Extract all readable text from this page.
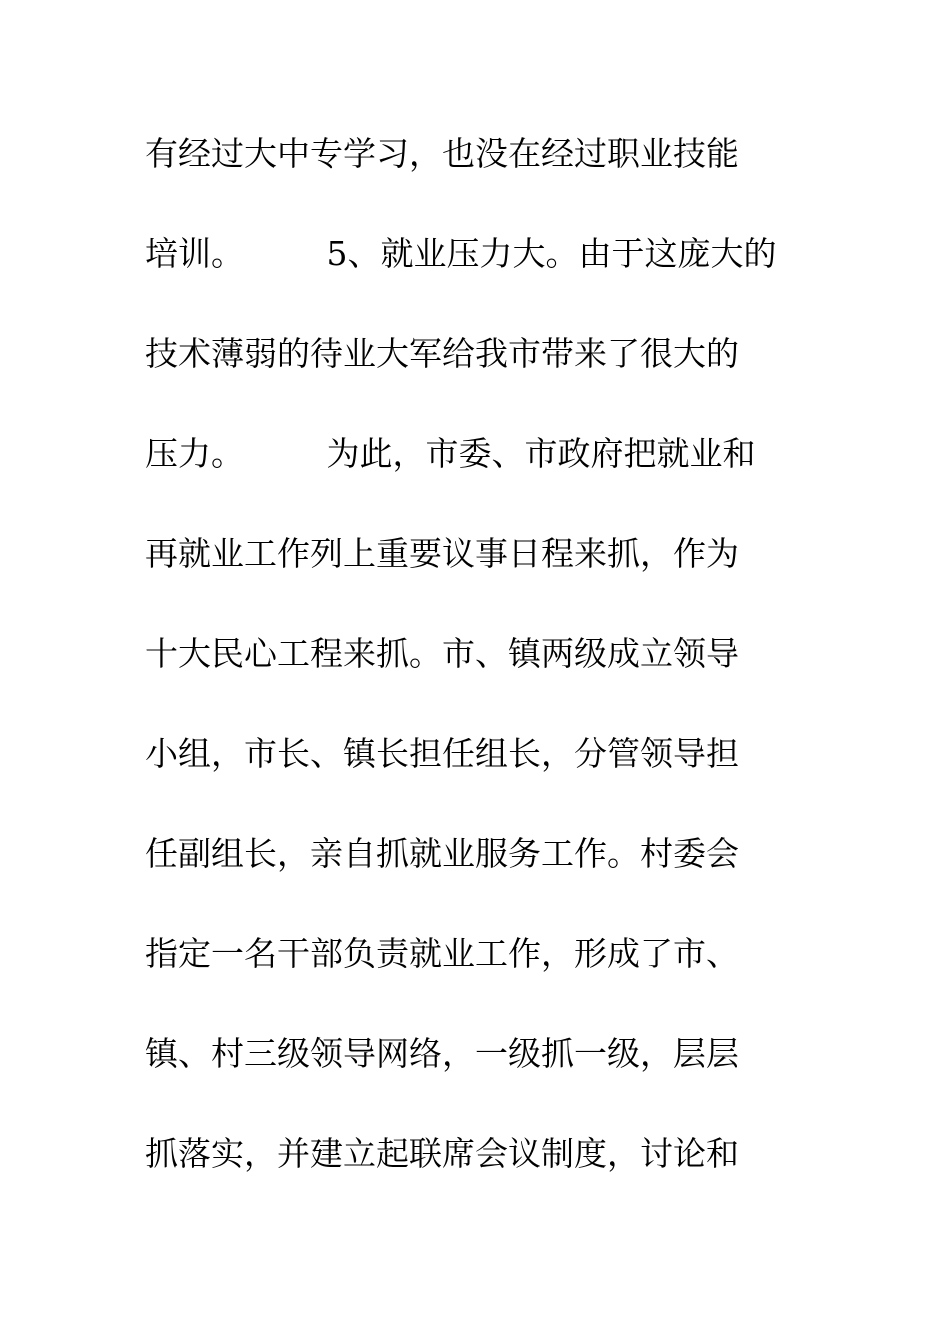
有经过大中专学习，也没在经过职业技能
培训。　　　5、就业压力大。由于这庞大的
技术薄弱的待业大军给我市带来了很大的
压力。　　　为此，市委、市政府把就业和
再就业工作列上重要议事日程来抓，作为
十大民心工程来抓。市、镇两级成立领导
小组，市长、镇长担任组长，分管领导担
任副组长，亲自抓就业服务工作。村委会
指定一名干部负责就业工作，形成了市、
镇、村三级领导网络，一级抓一级，层层
抓落实，并建立起联席会议制度，讨论和
